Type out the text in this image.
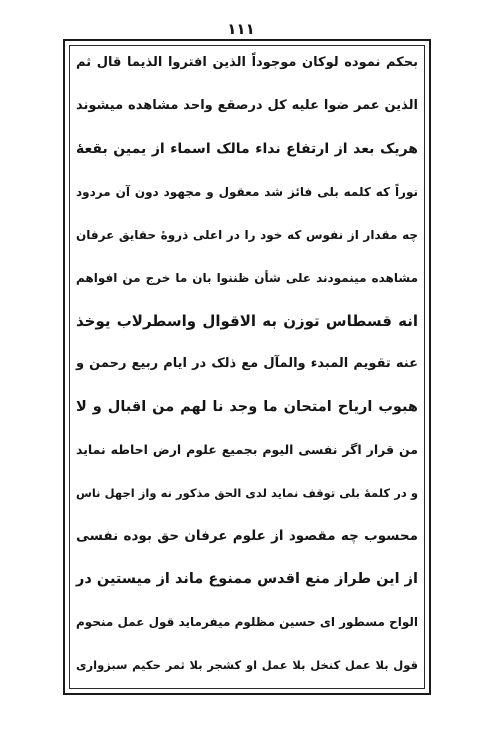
۱۱۱
بحکم نموده لوکان موجوداً الذین افتروا الذیما قال ثم
الذین عمر ضوا علیه کل درصقع واحد مشاهده میشوند
هریک بعد از ارتفاع نداء مالک اسماء از یمین بقعۀ
نوراً که کلمه بلی فائز شد معقول و مجهود دون آن مردود
چه مقدار از نفوس که خود را در اعلی ذروۀ حقایق عرفان
مشاهده مینمودند علی شأن ظننوا بان ما خرج من افواهم
انه قسطاس توزن به الاقوال واسطرلاب یوخذ
عنه تقویم المبدء والمآل مع ذلک در ایام ربیع رحمن و
هبوب ارياح امتحان ما وجد نا لهم من اقبال و لا
من قرار اگر نفسی الیوم بجمیع علوم ارض احاطه نماید
و در کلمۀ بلی توقف نماید لدی الحق مذکور نه واز اجهل ناس
محسوب چه مقصود از علوم عرفان حق بوده نفسی
از این طراز منع اقدس ممنوع ماند از میستین در
الواح مسطور ای حسین مظلوم میفرماید قول عمل منحوم
قول بلا عمل کنخل بلا عمل او کشجر بلا ثمر حکیم سبزواری
